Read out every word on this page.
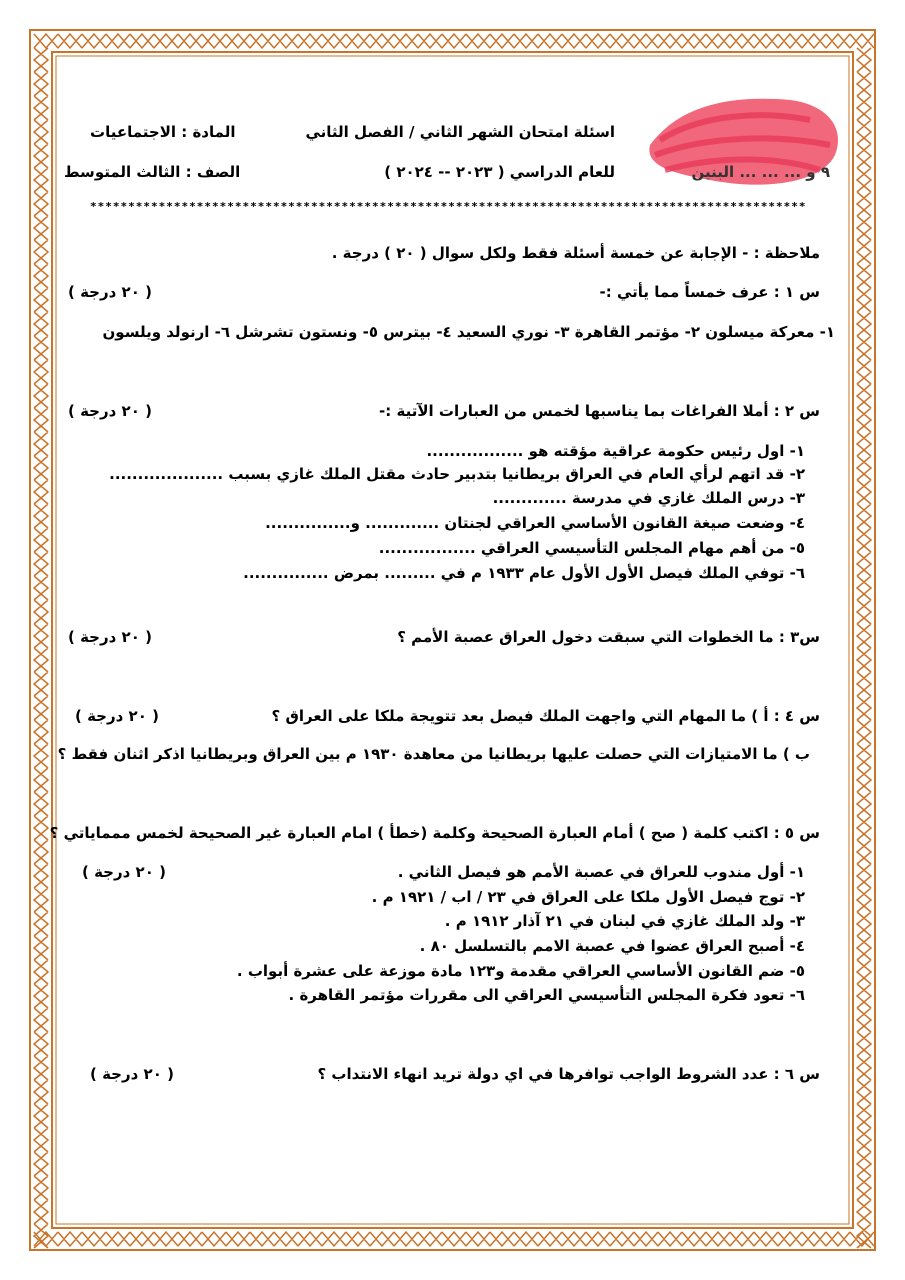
اسئلة امتحان الشهر الثاني / الفصل الثاني
المادة : الاجتماعيات
٩ و ... ... ... البنين
للعام الدراسي ( ٢٠٢٣ -- ٢٠٢٤ )
الصف : الثالث المتوسط
**********************************************************************************************
ملاحظة : - الإجابة عن خمسة أسئلة فقط ولكل سوال ( ٢٠ ) درجة .
س ١ : عرف خمساً مما يأتي :-
( ٢٠ درجة )
١- معركة ميسلون ٢- مؤتمر القاهرة ٣- نوري السعيد ٤- بيترس ٥- ونستون تشرشل ٦- ارنولد ويلسون
س ٢ : أملا الفراغات بما يناسبها لخمس من العبارات الآتية :-
( ٢٠ درجة )
١- اول رئيس حكومة عراقية مؤقته هو .................
٢- قد اتهم لرأي العام في العراق بريطانيا بتدبير حادث مقتل الملك غازي بسبب ....................
٣- درس الملك غازي في مدرسة .............
٤- وضعت صيغة القانون الأساسي العراقي لجنتان ............. و...............
٥- من أهم مهام المجلس التأسيسي العراقي .................
٦- توفي الملك فيصل الأول الأول عام ١٩٣٣ م في ......... بمرض ...............
س٣ : ما الخطوات التي سبقت دخول العراق عصبة الأمم ؟
( ٢٠ درجة )
س ٤ : أ ) ما المهام التي واجهت الملك فيصل بعد تتويجة ملكا على العراق ؟
( ٢٠ درجة )
ب ) ما الامتيازات التي حصلت عليها بريطانيا من معاهدة ١٩٣٠ م بين العراق وبريطانيا اذكر اثنان فقط ؟
س ٥ : اكتب كلمة ( صح ) أمام العبارة الصحيحة وكلمة (خطأ ) امام العبارة غير الصحيحة لخمس ممماياتي ؟
( ٢٠ درجة )	١- أول مندوب للعراق في عصبة الأمم هو فيصل الثاني .
٢- توج فيصل الأول ملكا على العراق في ٢٣ / اب / ١٩٢١ م .
٣- ولد الملك غازي في لبنان في ٢١ آذار ١٩١٢ م .
٤- أصبح العراق عضوا في عصبة الامم بالتسلسل ٨٠ .
٥- ضم القانون الأساسي العراقي مقدمة و١٢٣ مادة موزعة على عشرة أبواب .
٦- تعود فكرة المجلس التأسيسي العراقي الى مقررات مؤتمر القاهرة .
س ٦ : عدد الشروط الواجب توافرها في اي دولة تريد انهاء الانتداب ؟
( ٢٠ درجة )
